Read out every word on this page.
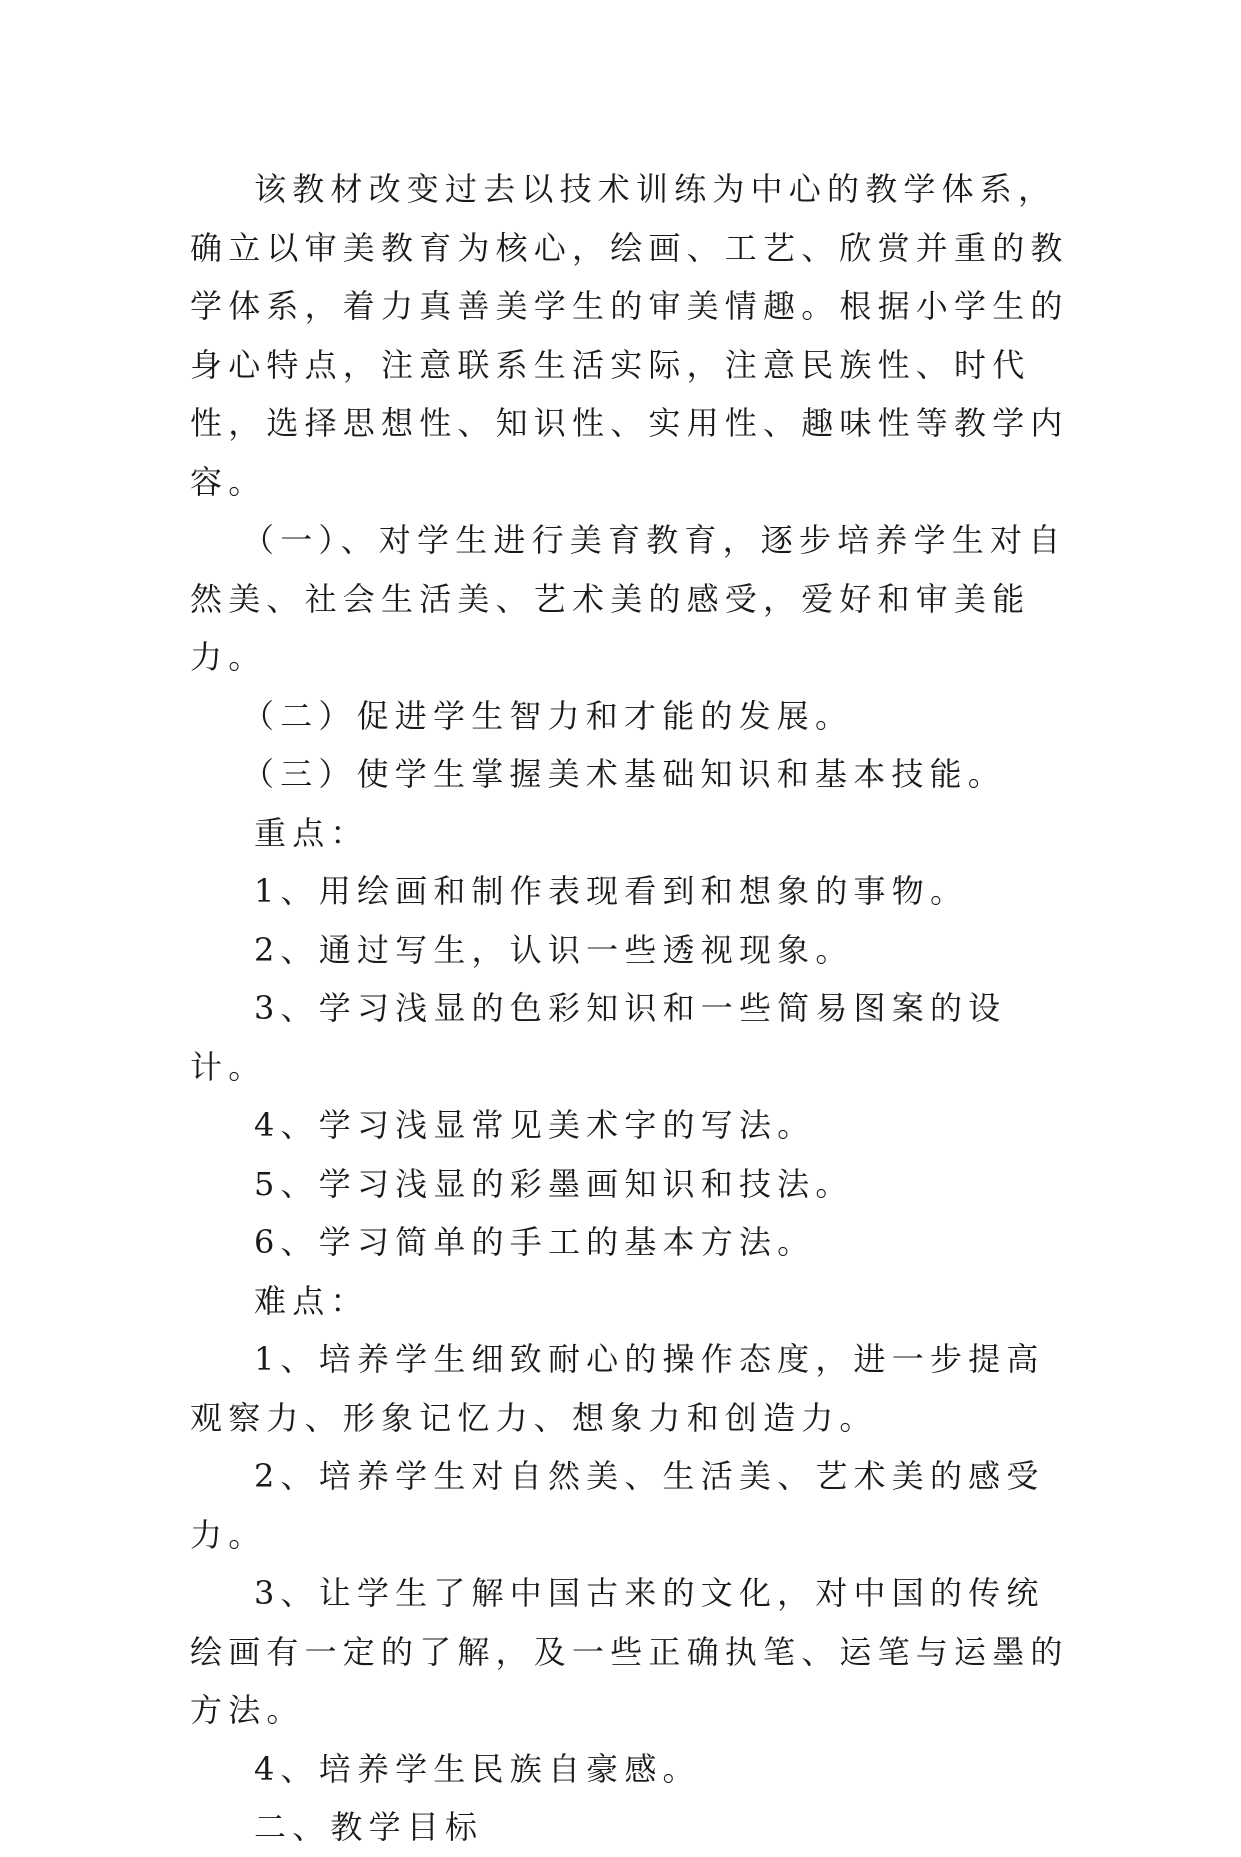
该教材改变过去以技术训练为中心的教学体系，确立以审美教育为核心，绘画、工艺、欣赏并重的教学体系，着力真善美学生的审美情趣。根据小学生的身心特点，注意联系生活实际，注意民族性、时代性，选择思想性、知识性、实用性、趣味性等教学内容。

（一）、对学生进行美育教育，逐步培养学生对自然美、社会生活美、艺术美的感受，爱好和审美能力。

（二）促进学生智力和才能的发展。

（三）使学生掌握美术基础知识和基本技能。

重点：

1、用绘画和制作表现看到和想象的事物。

2、通过写生，认识一些透视现象。

3、学习浅显的色彩知识和一些简易图案的设计。

4、学习浅显常见美术字的写法。

5、学习浅显的彩墨画知识和技法。

6、学习简单的手工的基本方法。

难点：

1、培养学生细致耐心的操作态度，进一步提高观察力、形象记忆力、想象力和创造力。

2、培养学生对自然美、生活美、艺术美的感受力。

3、让学生了解中国古来的文化，对中国的传统绘画有一定的了解，及一些正确执笔、运笔与运墨的方法。

4、培养学生民族自豪感。

二、教学目标
